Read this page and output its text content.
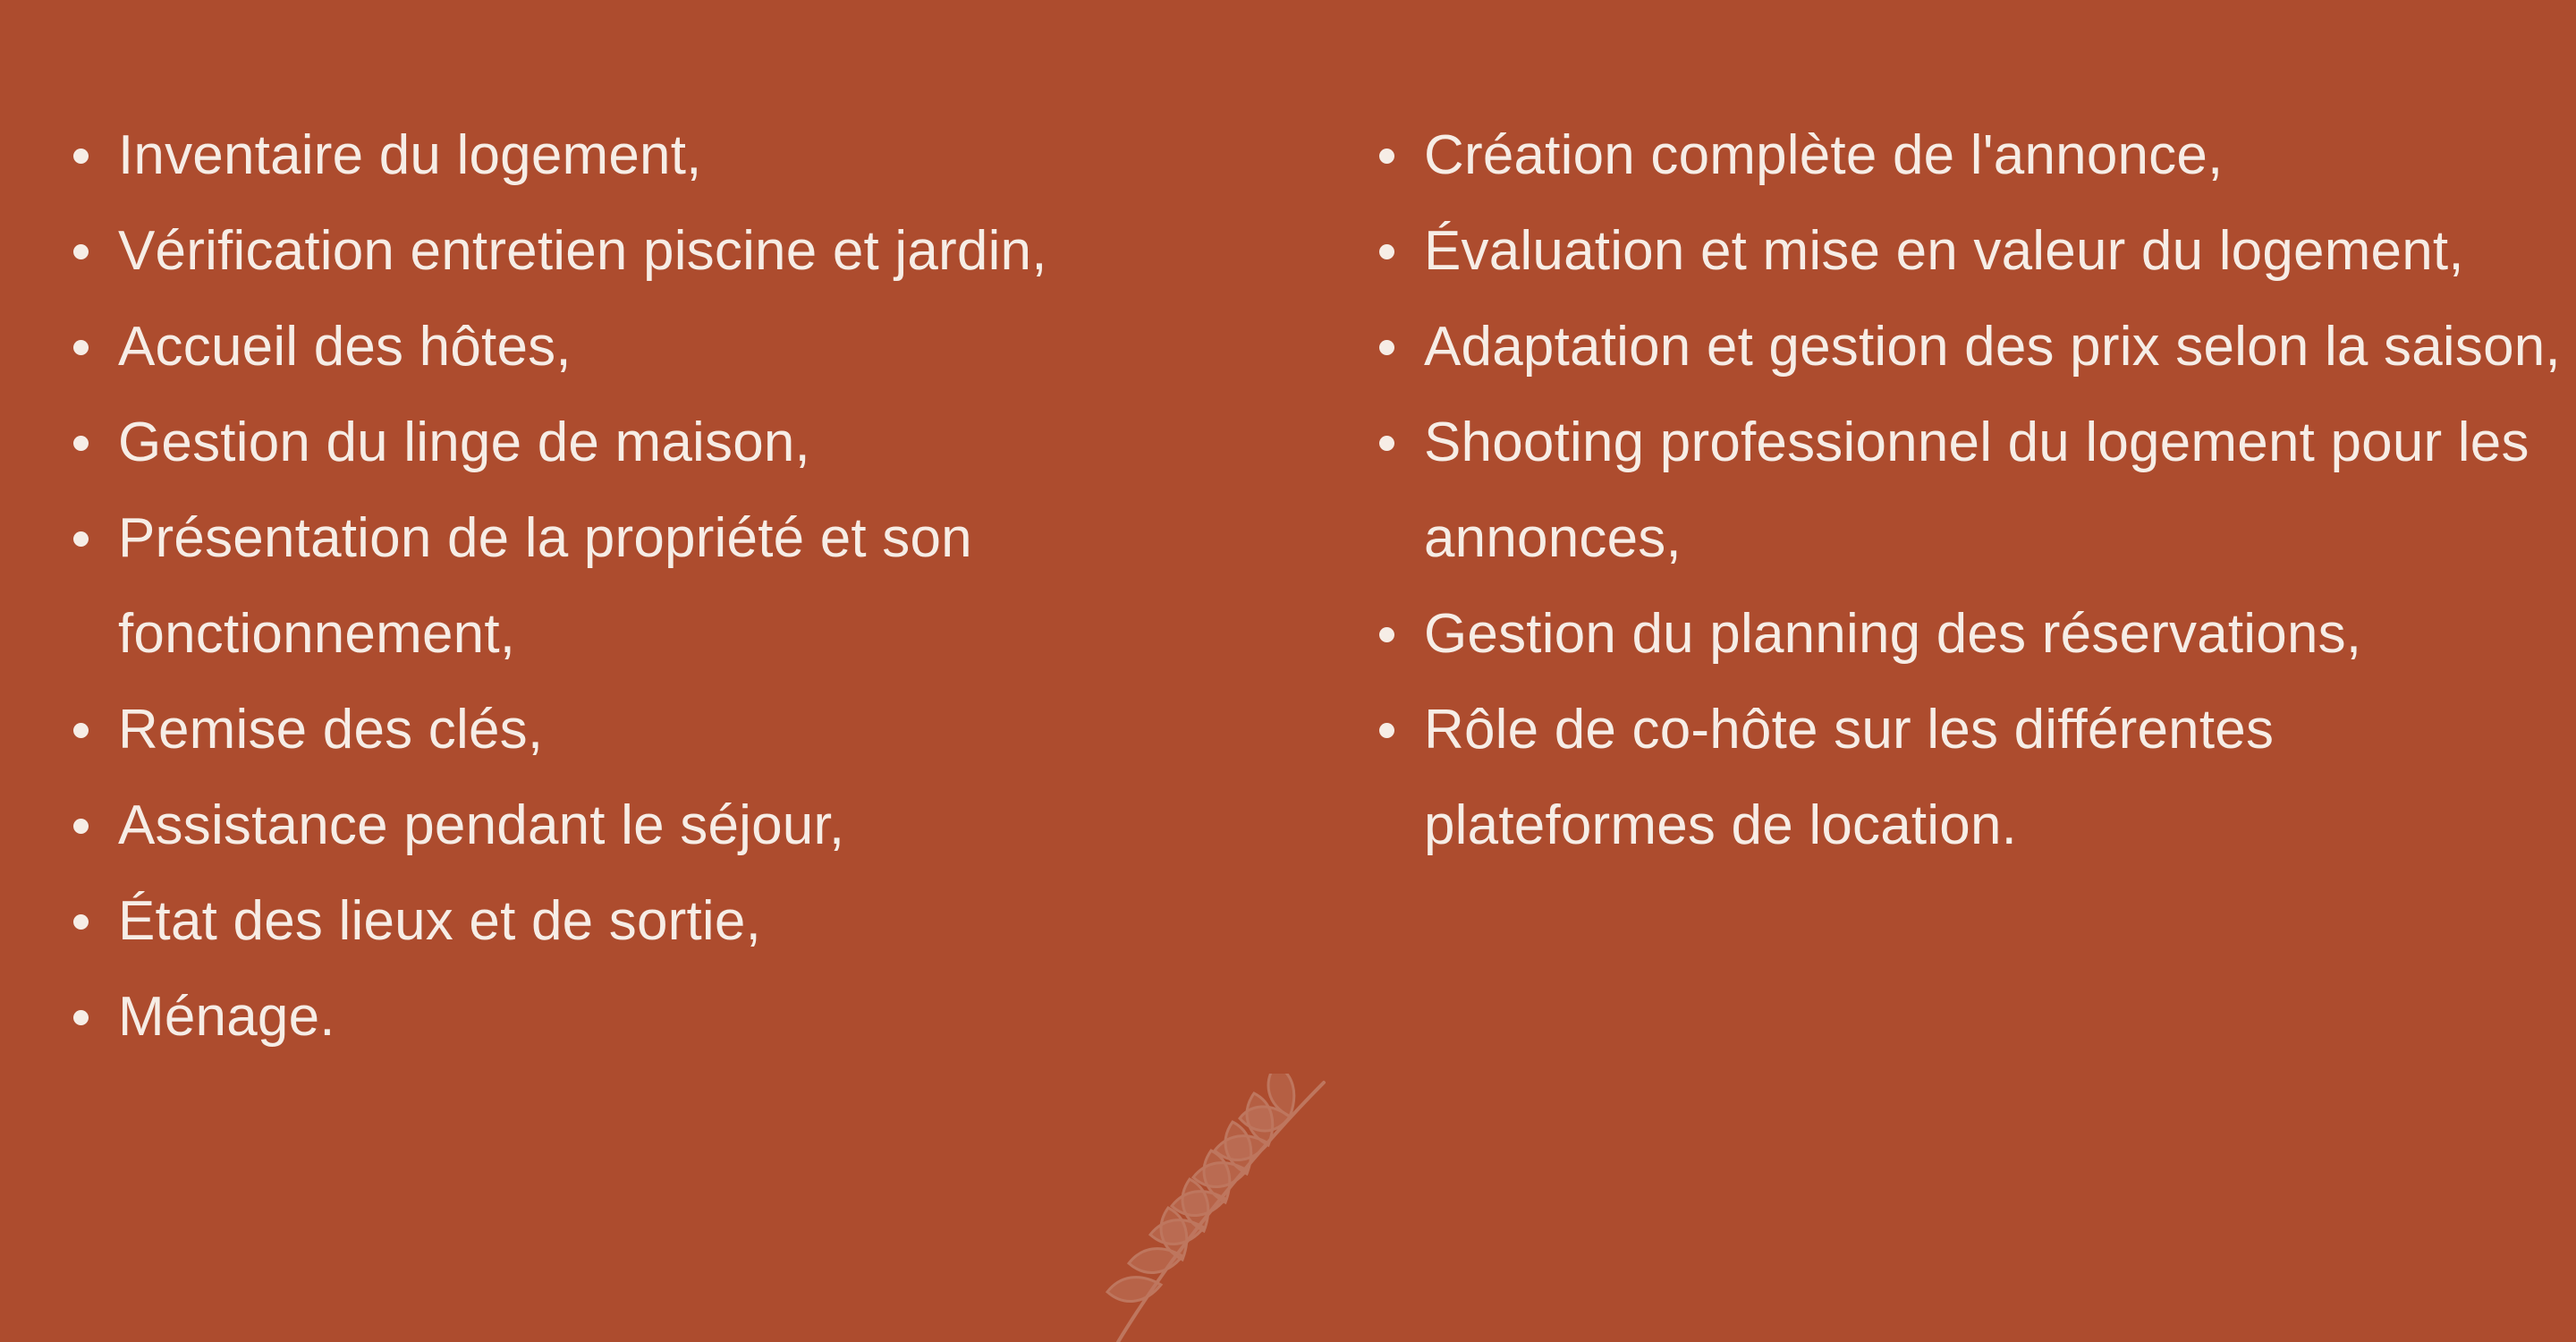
Inventaire du logement,
Vérification entretien piscine et jardin,
Accueil des hôtes,
Gestion du linge de maison,
Présentation de la propriété et son fonctionnement,
Remise des clés,
Assistance pendant le séjour,
État des lieux et de sortie,
Ménage.
Création complète de l'annonce,
Évaluation et mise en valeur du logement,
Adaptation et gestion des prix selon la saison,
Shooting professionnel du logement pour les annonces,
Gestion du planning des réservations,
Rôle de co-hôte sur les différentes plateformes de location.
